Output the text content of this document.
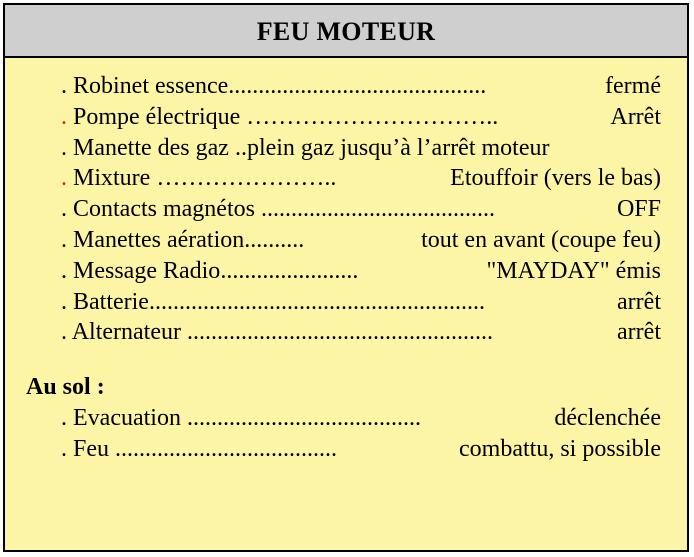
FEU MOTEUR
. Robinet essence...........................................	fermé
. Pompe électrique …………………………..	Arrêt
. Manette des gaz ..plein gaz jusqu’à l’arrêt moteur
. Mixture …………………..	Etouffoir (vers le bas)
. Contacts magnétos .......................................	OFF
. Manettes aération..........	tout en avant (coupe feu)
. Message Radio.......................	"MAYDAY" émis
. Batterie........................................................	arrêt
. Alternateur ...................................................	arrêt
Au sol :
. Evacuation .......................................	déclenchée
. Feu .....................................	combattu, si possible
